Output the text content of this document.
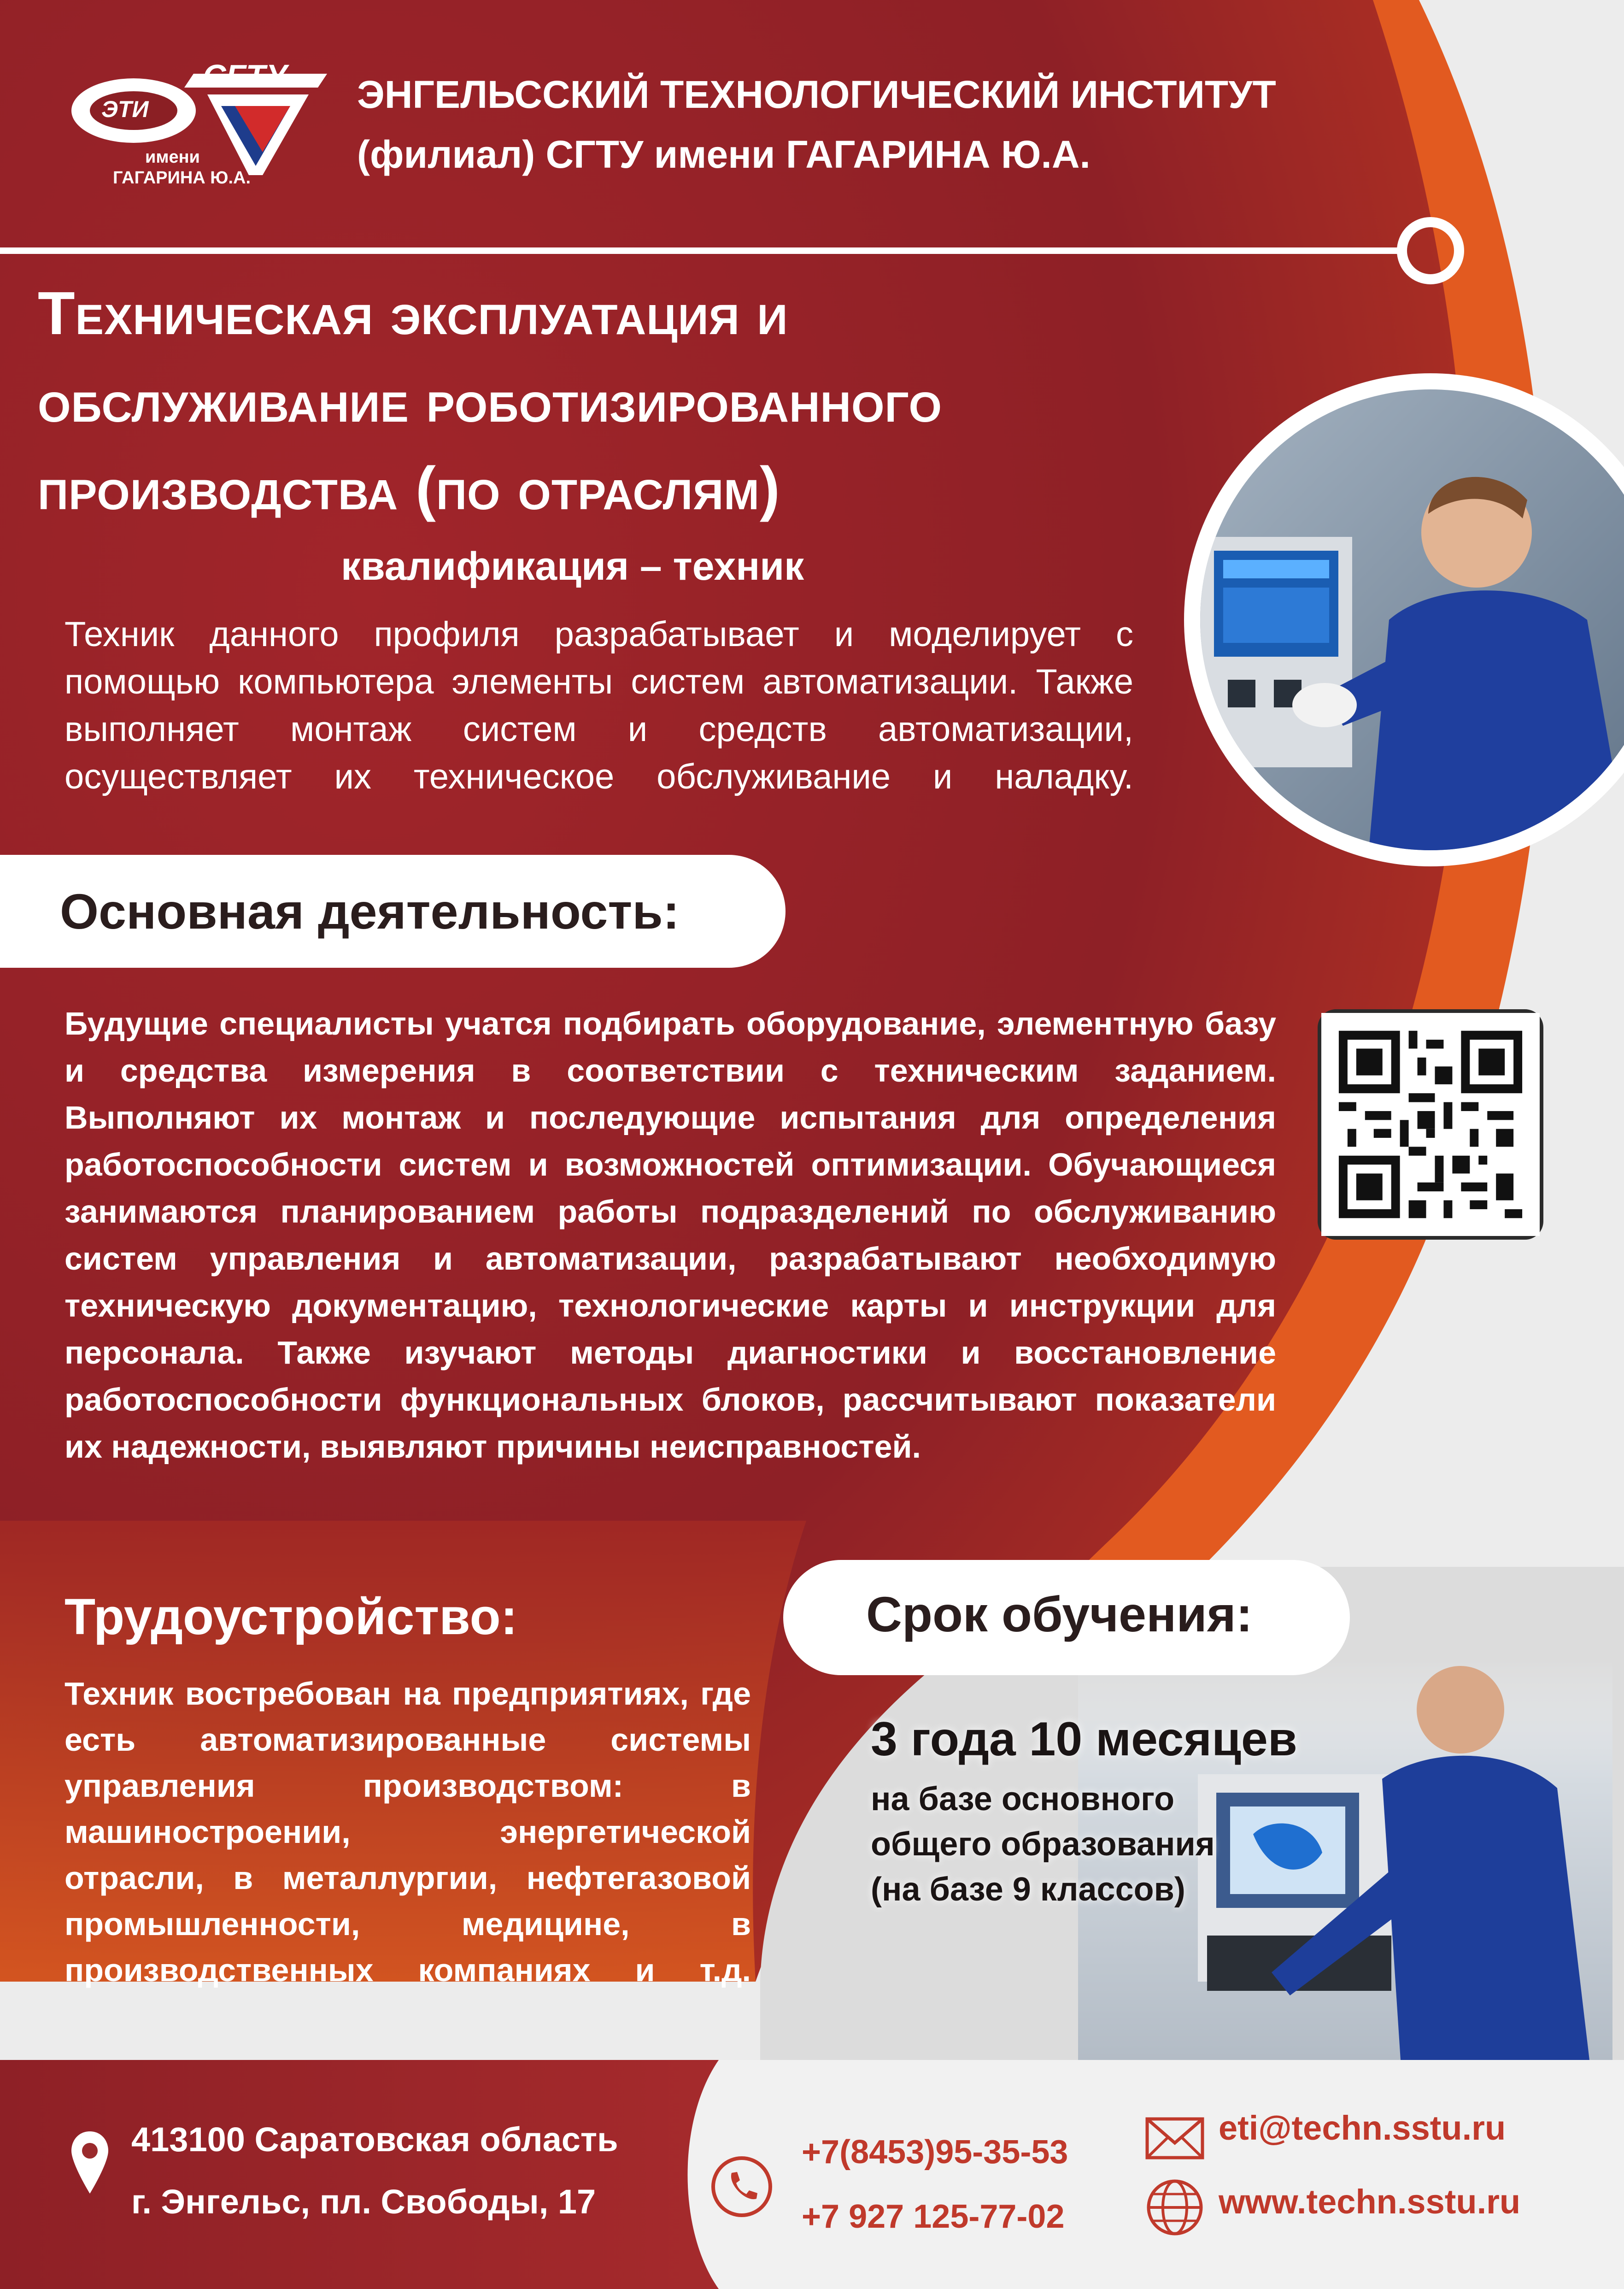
ЭТИ
СГТУ
имени
ГАГАРИНА Ю.А.
ЭНГЕЛЬССКИЙ ТЕХНОЛОГИЧЕСКИЙ ИНСТИТУТ
(филиал) СГТУ имени ГАГАРИНА Ю.А.
Техническая эксплуатация и
обслуживание роботизированного
производства (по отраслям)
квалификация – техник
Техник данного профиля разрабатывает и моделирует с помощью компьютера элементы систем автоматизации. Также выполняет монтаж систем и средств автоматизации, осуществляет их техническое обслуживание и наладку.
Основная деятельность:
Будущие специалисты учатся подбирать оборудование, элементную базу и средства измерения в соответствии с техническим заданием. Выполняют их монтаж и последующие испытания для определения работоспособности систем и возможностей оптимизации. Обучающиеся занимаются планированием работы подразделений по обслуживанию систем управления и автоматизации, разрабатывают необходимую техническую документацию, технологические карты и инструкции для персонала. Также изучают методы диагностики и восстановление работоспособности функциональных блоков, рассчитывают показатели их надежности, выявляют причины неисправностей.
Трудоустройство:
Техник востребован на предприятиях, где есть автоматизированные системы управления производством: в машиностроении, энергетической отрасли, в металлургии, нефтегазовой промышленности, медицине, в производственных компаниях и т.д.
Срок обучения:
3 года 10 месяцев
на базе основного
общего образования
(на базе 9 классов)
413100 Саратовская область
г. Энгельс, пл. Свободы, 17
+7(8453)95-35-53
+7 927 125-77-02
eti@techn.sstu.ru
www.techn.sstu.ru
